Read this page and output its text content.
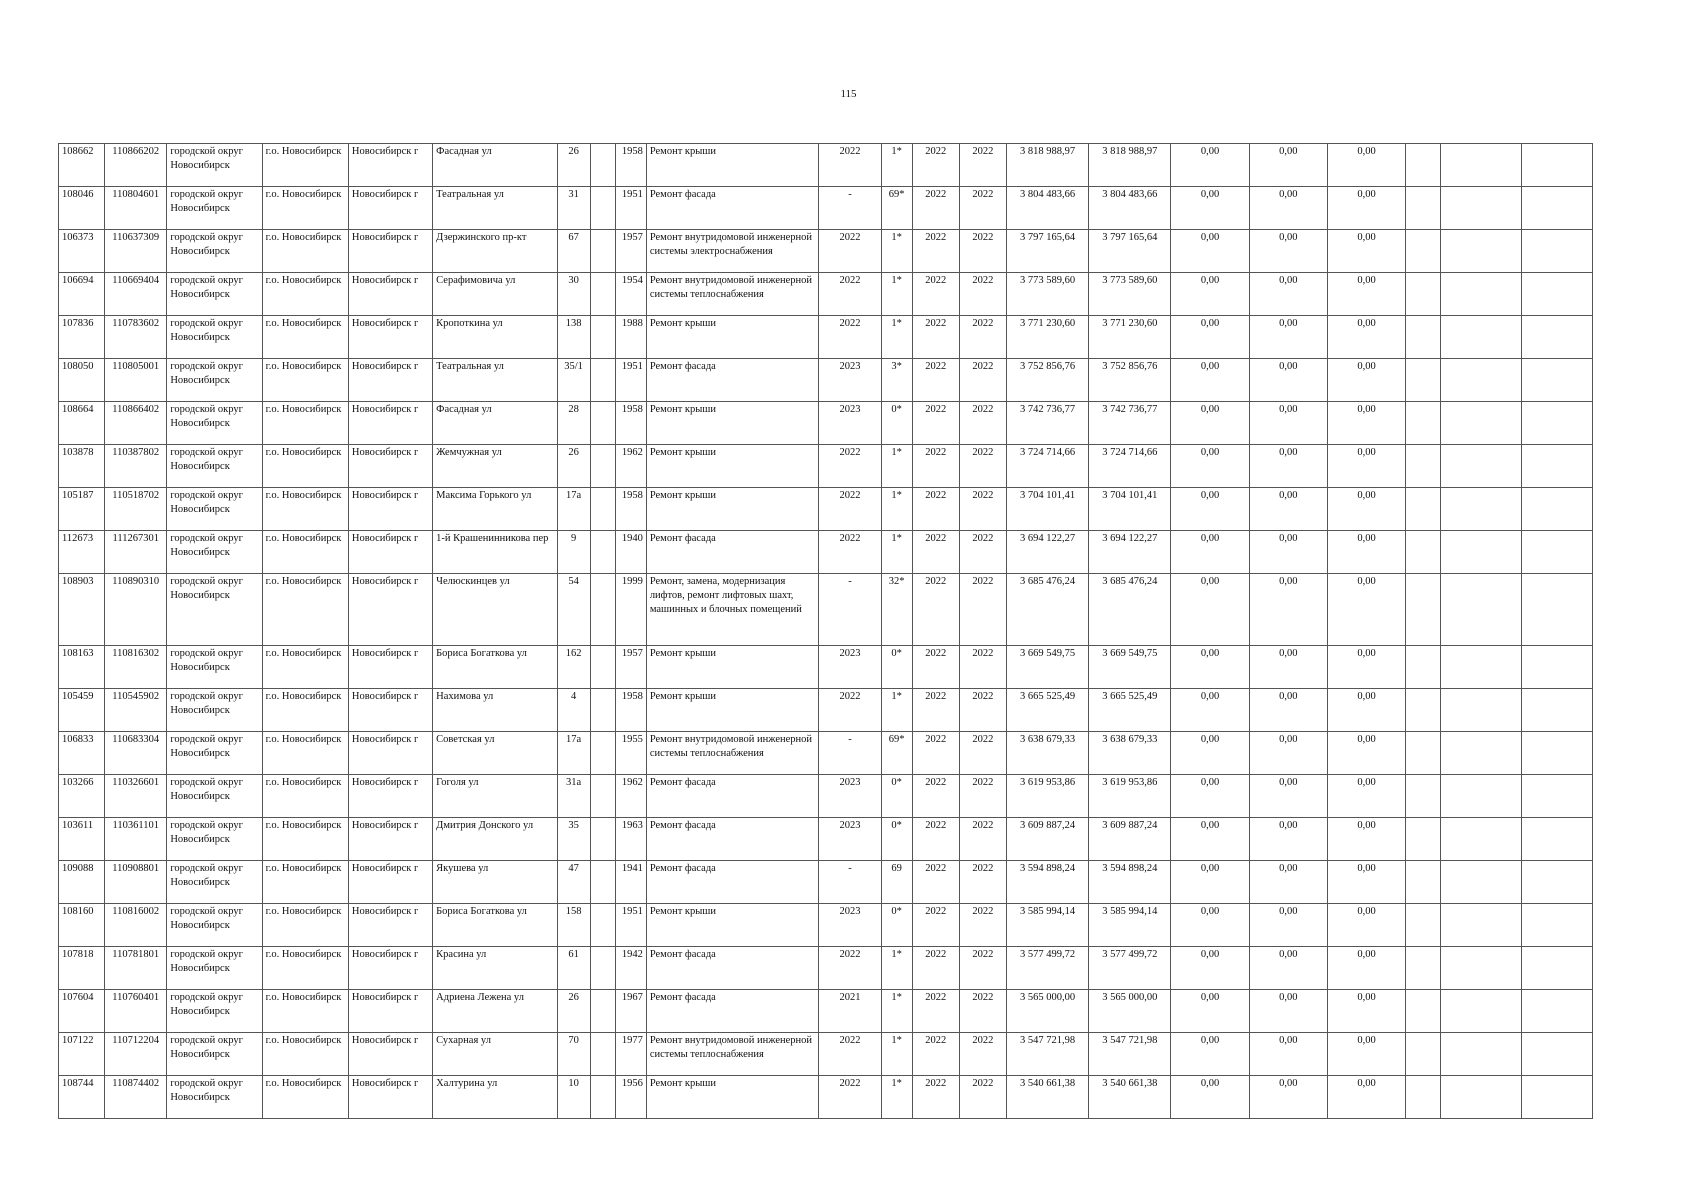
115
108662	110866202	городской округ Новосибирск	г.о. Новосибирск	Новосибирск г	Фасадная ул	26		1958	Ремонт крыши	2022	1*	2022	2022	3 818 988,97	3 818 988,97	0,00	0,00	0,00			
108046	110804601	городской округ Новосибирск	г.о. Новосибирск	Новосибирск г	Театральная ул	31		1951	Ремонт фасада	-	69*	2022	2022	3 804 483,66	3 804 483,66	0,00	0,00	0,00			
106373	110637309	городской округ Новосибирск	г.о. Новосибирск	Новосибирск г	Дзержинского пр-кт	67		1957	Ремонт внутридомовой инженерной системы электроснабжения	2022	1*	2022	2022	3 797 165,64	3 797 165,64	0,00	0,00	0,00			
106694	110669404	городской округ Новосибирск	г.о. Новосибирск	Новосибирск г	Серафимовича ул	30		1954	Ремонт внутридомовой инженерной системы теплоснабжения	2022	1*	2022	2022	3 773 589,60	3 773 589,60	0,00	0,00	0,00			
107836	110783602	городской округ Новосибирск	г.о. Новосибирск	Новосибирск г	Кропоткина ул	138		1988	Ремонт крыши	2022	1*	2022	2022	3 771 230,60	3 771 230,60	0,00	0,00	0,00			
108050	110805001	городской округ Новосибирск	г.о. Новосибирск	Новосибирск г	Театральная ул	35/1		1951	Ремонт фасада	2023	3*	2022	2022	3 752 856,76	3 752 856,76	0,00	0,00	0,00			
108664	110866402	городской округ Новосибирск	г.о. Новосибирск	Новосибирск г	Фасадная ул	28		1958	Ремонт крыши	2023	0*	2022	2022	3 742 736,77	3 742 736,77	0,00	0,00	0,00			
103878	110387802	городской округ Новосибирск	г.о. Новосибирск	Новосибирск г	Жемчужная ул	26		1962	Ремонт крыши	2022	1*	2022	2022	3 724 714,66	3 724 714,66	0,00	0,00	0,00			
105187	110518702	городской округ Новосибирск	г.о. Новосибирск	Новосибирск г	Максима Горького ул	17а		1958	Ремонт крыши	2022	1*	2022	2022	3 704 101,41	3 704 101,41	0,00	0,00	0,00			
112673	111267301	городской округ Новосибирск	г.о. Новосибирск	Новосибирск г	1-й Крашенинникова пер	9		1940	Ремонт фасада	2022	1*	2022	2022	3 694 122,27	3 694 122,27	0,00	0,00	0,00			
108903	110890310	городской округ Новосибирск	г.о. Новосибирск	Новосибирск г	Челюскинцев ул	54		1999	Ремонт, замена, модернизация лифтов, ремонт лифтовых шахт, машинных и блочных помещений	-	32*	2022	2022	3 685 476,24	3 685 476,24	0,00	0,00	0,00			
108163	110816302	городской округ Новосибирск	г.о. Новосибирск	Новосибирск г	Бориса Богаткова ул	162		1957	Ремонт крыши	2023	0*	2022	2022	3 669 549,75	3 669 549,75	0,00	0,00	0,00			
105459	110545902	городской округ Новосибирск	г.о. Новосибирск	Новосибирск г	Нахимова ул	4		1958	Ремонт крыши	2022	1*	2022	2022	3 665 525,49	3 665 525,49	0,00	0,00	0,00			
106833	110683304	городской округ Новосибирск	г.о. Новосибирск	Новосибирск г	Советская ул	17а		1955	Ремонт внутридомовой инженерной системы теплоснабжения	-	69*	2022	2022	3 638 679,33	3 638 679,33	0,00	0,00	0,00			
103266	110326601	городской округ Новосибирск	г.о. Новосибирск	Новосибирск г	Гоголя ул	31а		1962	Ремонт фасада	2023	0*	2022	2022	3 619 953,86	3 619 953,86	0,00	0,00	0,00			
103611	110361101	городской округ Новосибирск	г.о. Новосибирск	Новосибирск г	Дмитрия Донского ул	35		1963	Ремонт фасада	2023	0*	2022	2022	3 609 887,24	3 609 887,24	0,00	0,00	0,00			
109088	110908801	городской округ Новосибирск	г.о. Новосибирск	Новосибирск г	Якушева ул	47		1941	Ремонт фасада	-	69	2022	2022	3 594 898,24	3 594 898,24	0,00	0,00	0,00			
108160	110816002	городской округ Новосибирск	г.о. Новосибирск	Новосибирск г	Бориса Богаткова ул	158		1951	Ремонт крыши	2023	0*	2022	2022	3 585 994,14	3 585 994,14	0,00	0,00	0,00			
107818	110781801	городской округ Новосибирск	г.о. Новосибирск	Новосибирск г	Красина ул	61		1942	Ремонт фасада	2022	1*	2022	2022	3 577 499,72	3 577 499,72	0,00	0,00	0,00			
107604	110760401	городской округ Новосибирск	г.о. Новосибирск	Новосибирск г	Адриена Лежена ул	26		1967	Ремонт фасада	2021	1*	2022	2022	3 565 000,00	3 565 000,00	0,00	0,00	0,00			
107122	110712204	городской округ Новосибирск	г.о. Новосибирск	Новосибирск г	Сухарная ул	70		1977	Ремонт внутридомовой инженерной системы теплоснабжения	2022	1*	2022	2022	3 547 721,98	3 547 721,98	0,00	0,00	0,00			
108744	110874402	городской округ Новосибирск	г.о. Новосибирск	Новосибирск г	Халтурина ул	10		1956	Ремонт крыши	2022	1*	2022	2022	3 540 661,38	3 540 661,38	0,00	0,00	0,00			
